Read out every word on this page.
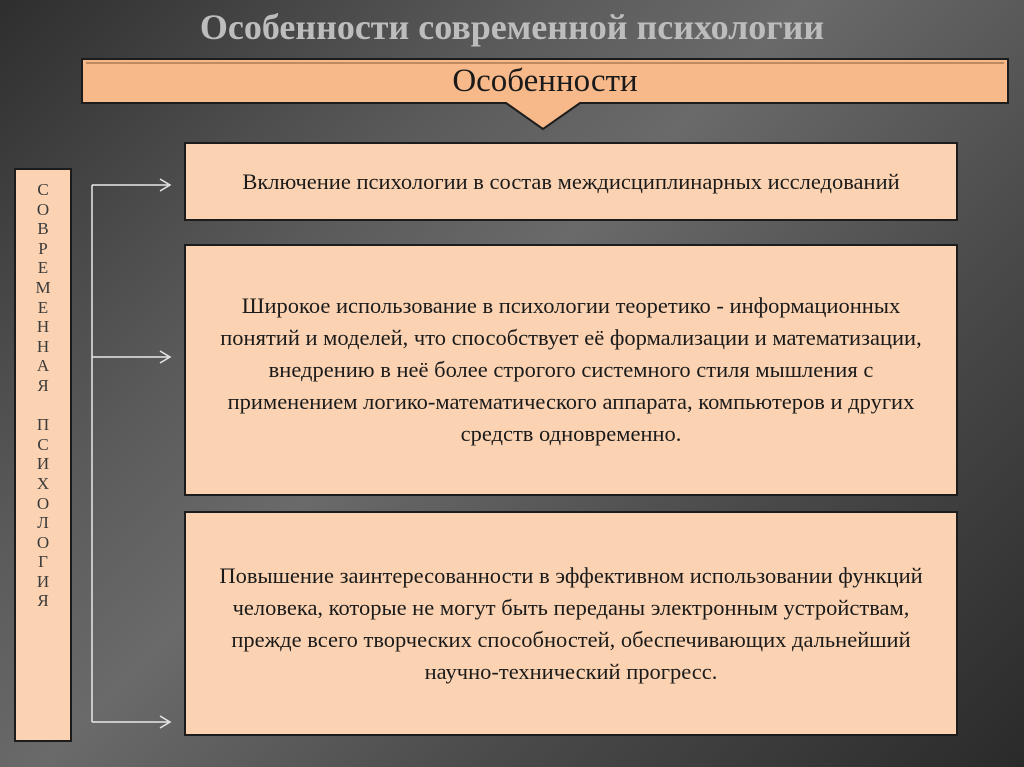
Особенности современной психологии
Особенности
С
О
В
Р
Е
М
Е
Н
Н
А
Я

П
С
И
Х
О
Л
О
Г
И
Я
Включение психологии в состав междисциплинарных исследований
Широкое использование в психологии теоретико - информационных понятий и моделей, что способствует её формализации и математизации, внедрению в неё более строгого системного стиля мышления с применением логико-математического аппарата, компьютеров и других средств одновременно.
Повышение заинтересованности в эффективном использовании функций человека, которые не могут быть переданы электронным устройствам, прежде всего творческих способностей, обеспечивающих дальнейший научно-технический прогресс.
